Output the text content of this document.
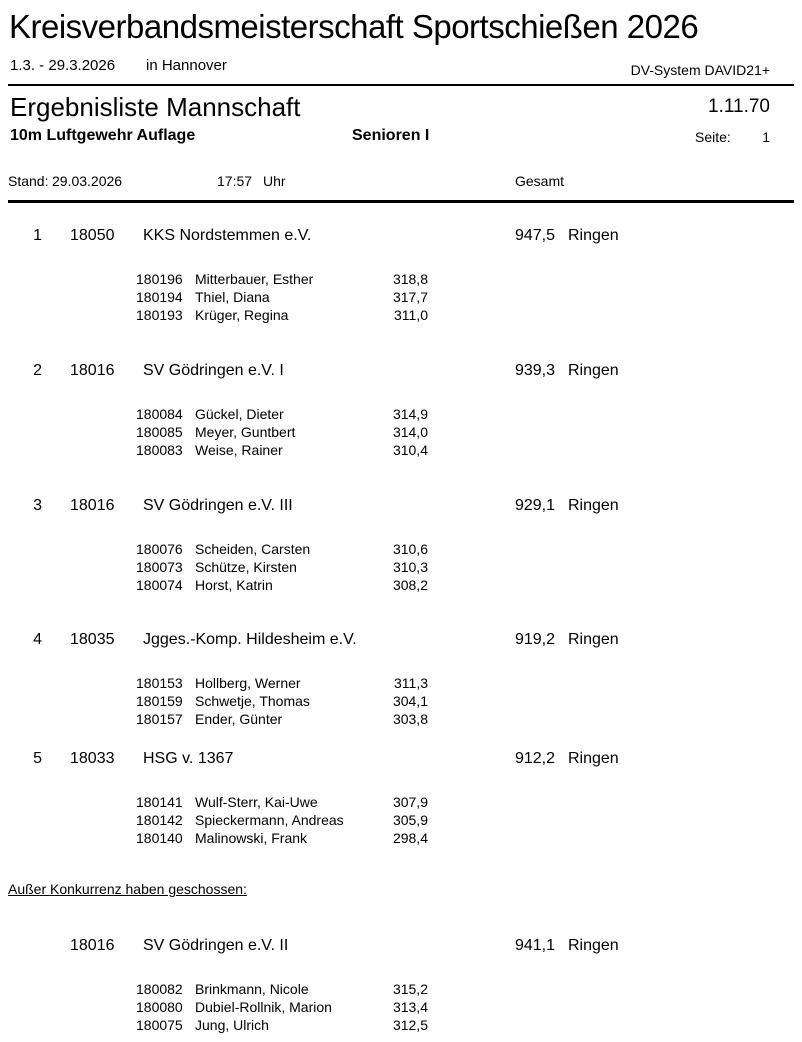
Kreisverbandsmeisterschaft Sportschießen 2026
1.3. - 29.3.2026 in Hannover	DV-System DAVID21+
Ergebnisliste Mannschaft	1.11.70
10m Luftgewehr Auflage	Senioren I	Seite:	1
Stand: 29.03.2026	17:57 Uhr	Gesamt
1 18050 KKS Nordstemmen e.V.	947,5 Ringen
180196 Mitterbauer, Esther	318,8
180194 Thiel, Diana	317,7
180193 Krüger, Regina	311,0
2 18016 SV Gödringen e.V. I	939,3 Ringen
180084 Gückel, Dieter	314,9
180085 Meyer, Guntbert	314,0
180083 Weise, Rainer	310,4
3 18016 SV Gödringen e.V. III	929,1 Ringen
180076 Scheiden, Carsten	310,6
180073 Schütze, Kirsten	310,3
180074 Horst, Katrin	308,2
4 18035 Jgges.-Komp. Hildesheim e.V.	919,2 Ringen
180153 Hollberg, Werner	311,3
180159 Schwetje, Thomas	304,1
180157 Ender, Günter	303,8
5 18033 HSG v. 1367	912,2 Ringen
180141 Wulf-Sterr, Kai-Uwe	307,9
180142 Spieckermann, Andreas	305,9
180140 Malinowski, Frank	298,4
Außer Konkurrenz haben geschossen:
18016 SV Gödringen e.V. II	941,1 Ringen
180082 Brinkmann, Nicole	315,2
180080 Dubiel-Rollnik, Marion	313,4
180075 Jung, Ulrich	312,5
